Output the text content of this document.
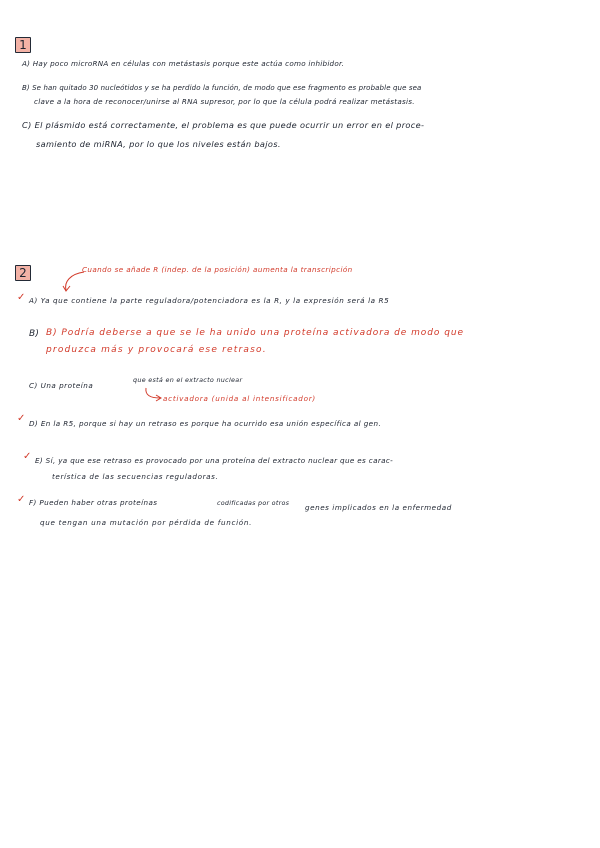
1
A) Hay poco microRNA en células con metástasis porque este actúa como inhibidor.
B) Se han quitado 30 nucleótidos y se ha perdido la función, de modo que ese fragmento es probable que sea
clave a la hora de reconocer/unirse al RNA supresor, por lo que la célula podrá realizar metástasis.
C) El plásmido está correctamente, el problema es que puede ocurrir un error en el proce-
samiento de miRNA, por lo que los niveles están bajos.
2	Cuando se añade R (indep. de la posición) aumenta la transcripción
✓ A) Ya que contiene la parte reguladora/potenciadora es la R, y la expresión será la R5
B) B) Podría deberse a que se le ha unido una proteína activadora de modo que
produzca más y provocará ese retraso.
C) Una proteína
que está en el extracto nuclear
activadora (unida al intensificador)
✓ D) En la R5, porque si hay un retraso es porque ha ocurrido esa unión específica al gen.
✓ E) Sí, ya que ese retraso es provocado por una proteína del extracto nuclear que es carac-
terística de las secuencias reguladoras.
✓ F) Pueden haber otras proteínas	codificadas por otros genes implicados en la enfermedad
que tengan una mutación por pérdida de función.
